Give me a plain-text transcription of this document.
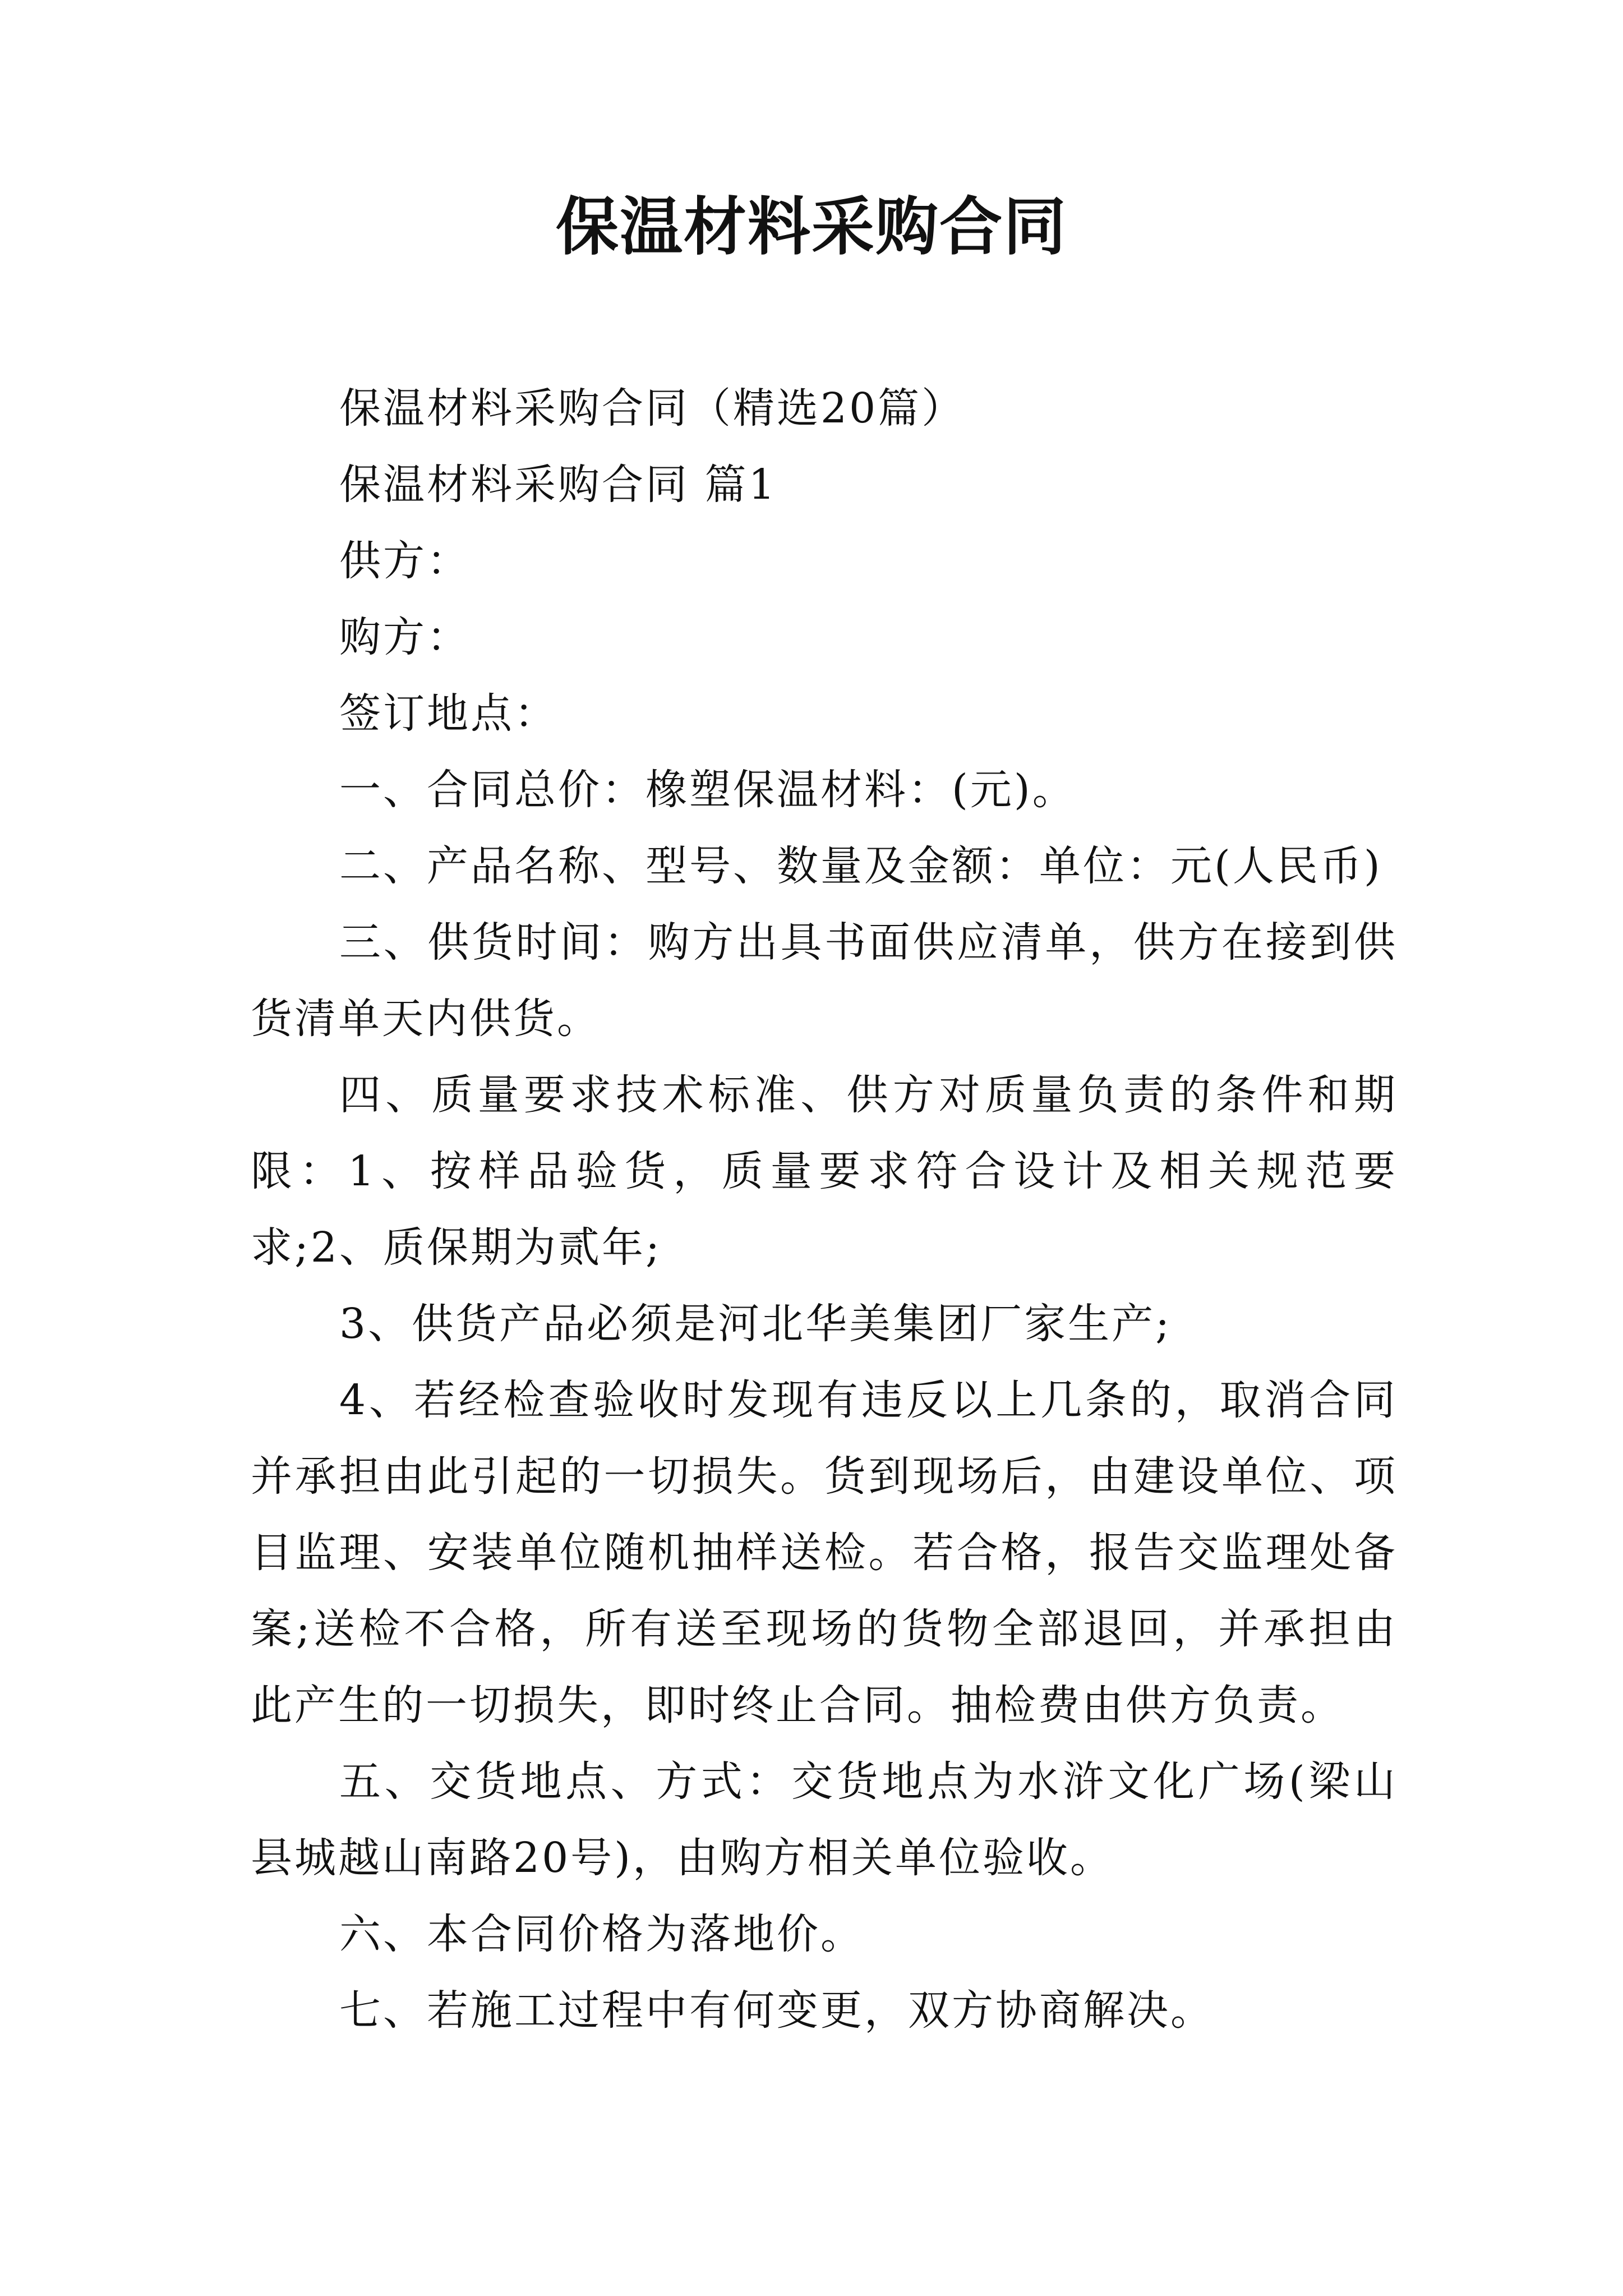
保温材料采购合同

保温材料采购合同（精选20篇）

保温材料采购合同 篇1

供方：

购方：

签订地点：

一、合同总价：橡塑保温材料：(元)。

二、产品名称、型号、数量及金额：单位：元(人民币)

三、供货时间：购方出具书面供应清单，供方在接到供货清单天内供货。

四、质量要求技术标准、供方对质量负责的条件和期限：1、按样品验货，质量要求符合设计及相关规范要求;2、质保期为贰年;

3、供货产品必须是河北华美集团厂家生产;

4、若经检查验收时发现有违反以上几条的，取消合同并承担由此引起的一切损失。货到现场后，由建设单位、项目监理、安装单位随机抽样送检。若合格，报告交监理处备案;送检不合格，所有送至现场的货物全部退回，并承担由此产生的一切损失，即时终止合同。抽检费由供方负责。

五、交货地点、方式：交货地点为水浒文化广场(梁山县城越山南路20号)，由购方相关单位验收。

六、本合同价格为落地价。

七、若施工过程中有何变更，双方协商解决。
